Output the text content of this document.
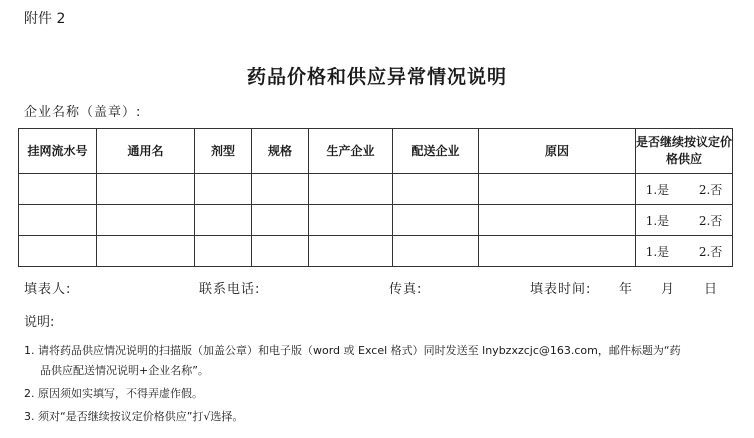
附件 2
药品价格和供应异常情况说明
企业名称（盖章）:
挂网流水号	通用名	剂型	规格	生产企业	配送企业	原因	是否继续按议定价格供应
							1.是 2.否
							1.是 2.否
							1.是 2.否
填表人:	联系电话:	传真:	填表时间: 年 月 日
说明:
1. 请将药品供应情况说明的扫描版（加盖公章）和电子版（word 或 Excel 格式）同时发送至 lnybzxzcjc@163.com，邮件标题为“药
品供应配送情况说明+企业名称”。
2. 原因须如实填写，不得弄虚作假。
3. 须对“是否继续按议定价格供应”打√选择。
